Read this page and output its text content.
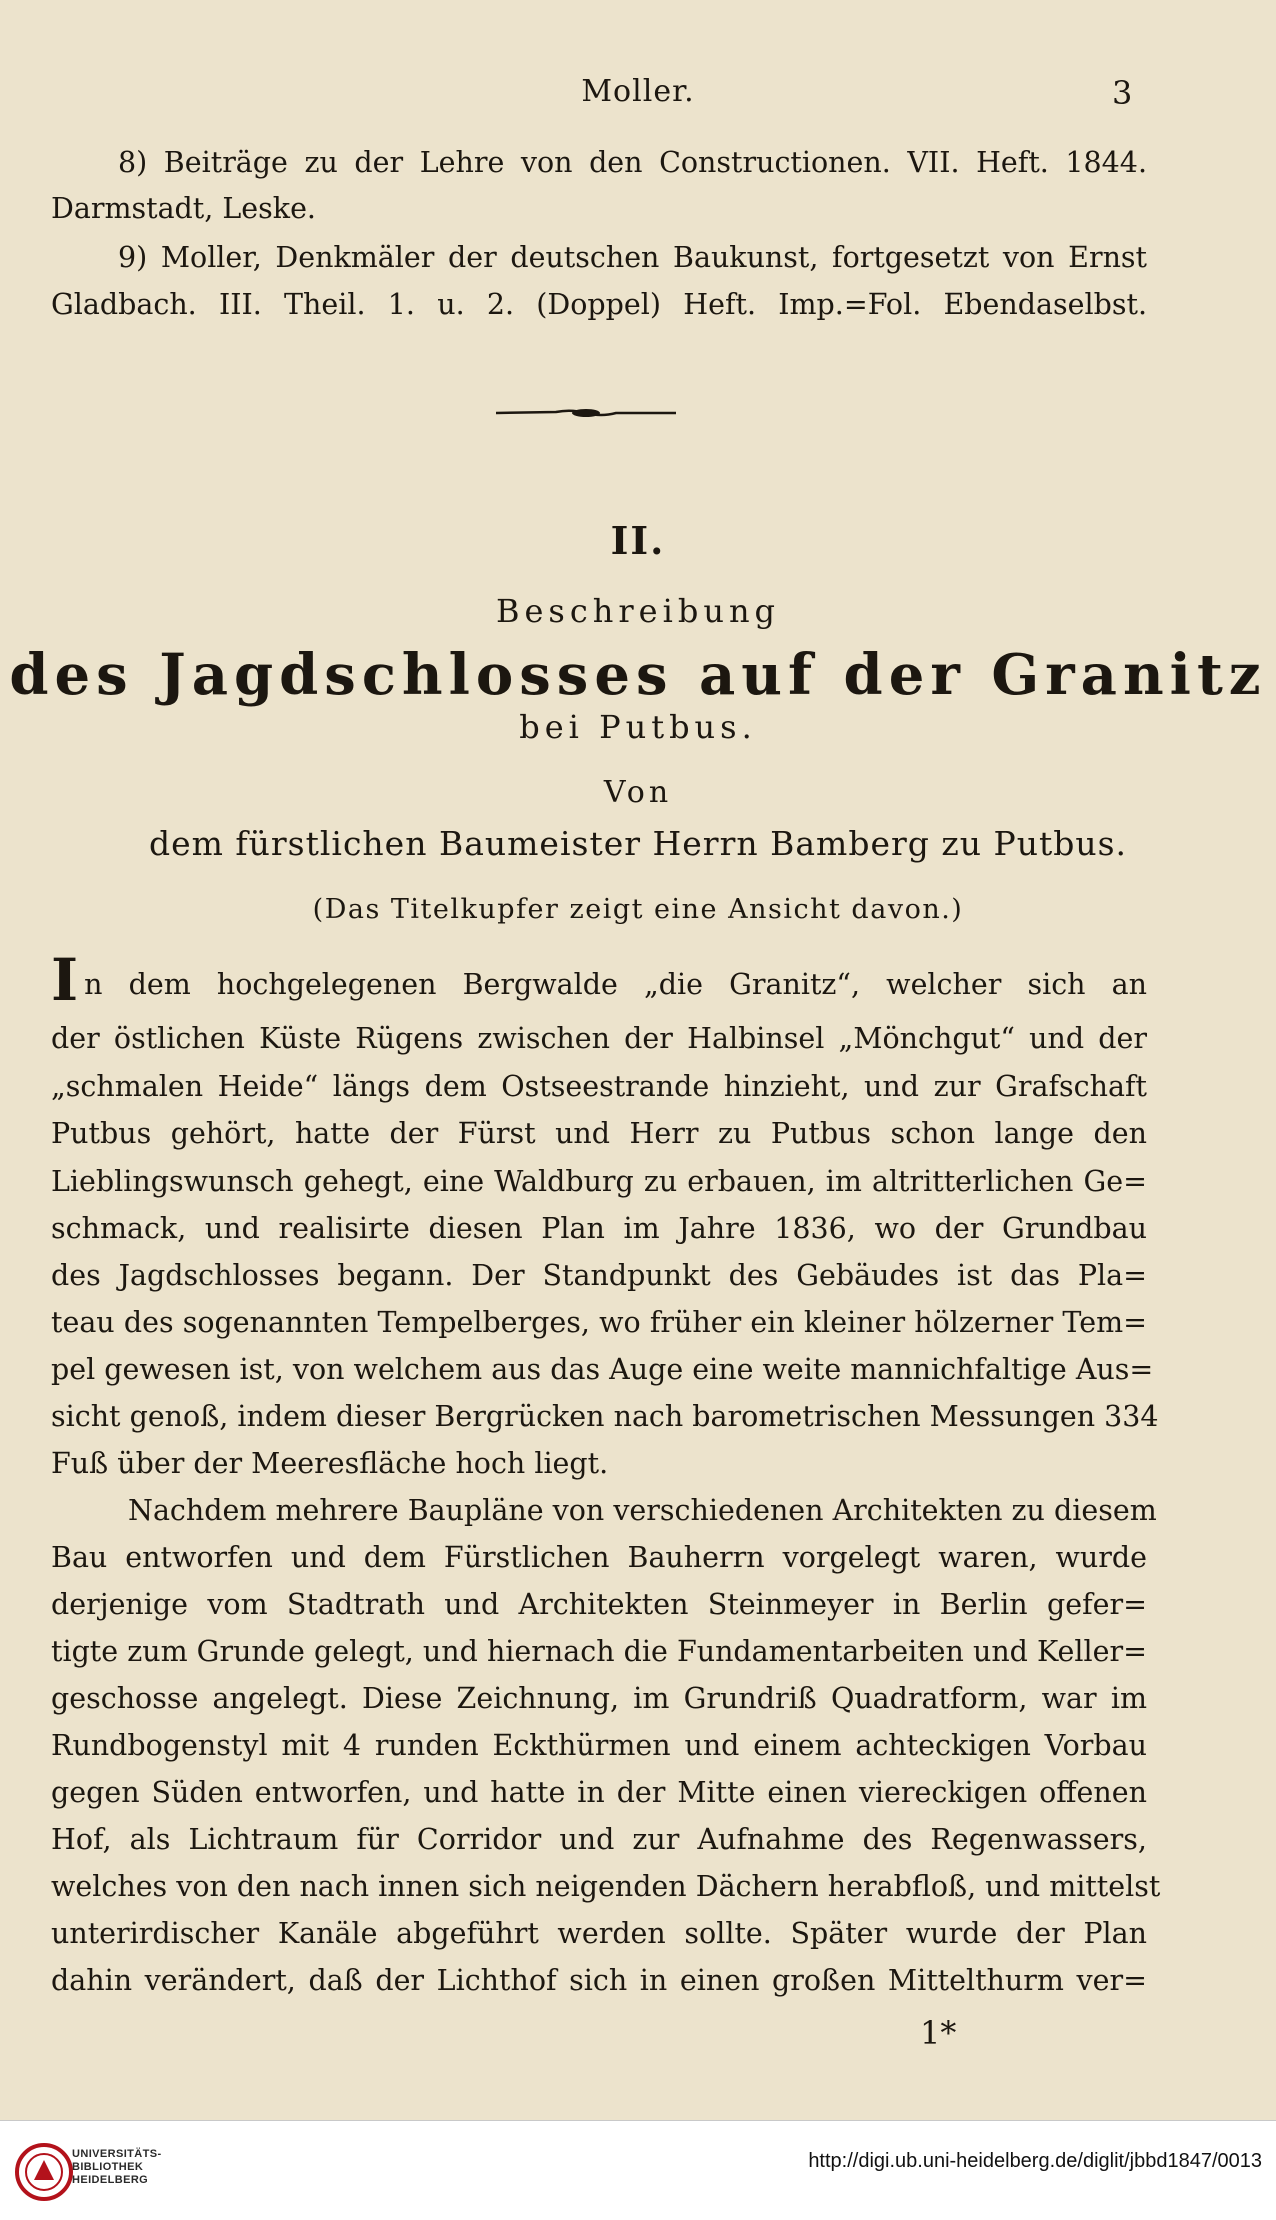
Moller.	3
8) Beiträge zu der Lehre von den Constructionen. VII. Heft. 1844.
Darmstadt, Leske.
9) Moller, Denkmäler der deutschen Baukunst, fortgesetzt von Ernst
Gladbach. III. Theil. 1. u. 2. (Doppel) Heft. Imp.=Fol. Ebendaselbst.
II.
Beschreibung
des Jagdschlosses auf der Granitz
bei Putbus.
Von
dem fürstlichen Baumeister Herrn Bamberg zu Putbus.
(Das Titelkupfer zeigt eine Ansicht davon.)
In dem hochgelegenen Bergwalde „die Granitz“, welcher sich an
der östlichen Küste Rügens zwischen der Halbinsel „Mönchgut“ und der
„schmalen Heide“ längs dem Ostseestrande hinzieht, und zur Grafschaft
Putbus gehört, hatte der Fürst und Herr zu Putbus schon lange den
Lieblingswunsch gehegt, eine Waldburg zu erbauen, im altritterlichen Ge=
schmack, und realisirte diesen Plan im Jahre 1836, wo der Grundbau
des Jagdschlosses begann. Der Standpunkt des Gebäudes ist das Pla=
teau des sogenannten Tempelberges, wo früher ein kleiner hölzerner Tem=
pel gewesen ist, von welchem aus das Auge eine weite mannichfaltige Aus=
sicht genoß, indem dieser Bergrücken nach barometrischen Messungen 334
Fuß über der Meeresfläche hoch liegt.
Nachdem mehrere Baupläne von verschiedenen Architekten zu diesem
Bau entworfen und dem Fürstlichen Bauherrn vorgelegt waren, wurde
derjenige vom Stadtrath und Architekten Steinmeyer in Berlin gefer=
tigte zum Grunde gelegt, und hiernach die Fundamentarbeiten und Keller=
geschosse angelegt. Diese Zeichnung, im Grundriß Quadratform, war im
Rundbogenstyl mit 4 runden Eckthürmen und einem achteckigen Vorbau
gegen Süden entworfen, und hatte in der Mitte einen viereckigen offenen
Hof, als Lichtraum für Corridor und zur Aufnahme des Regenwassers,
welches von den nach innen sich neigenden Dächern herabfloß, und mittelst
unterirdischer Kanäle abgeführt werden sollte. Später wurde der Plan
dahin verändert, daß der Lichthof sich in einen großen Mittelthurm ver=
1*
UNIVERSITÄTS-
BIBLIOTHEK
HEIDELBERG
http://digi.ub.uni-heidelberg.de/diglit/jbbd1847/0013
